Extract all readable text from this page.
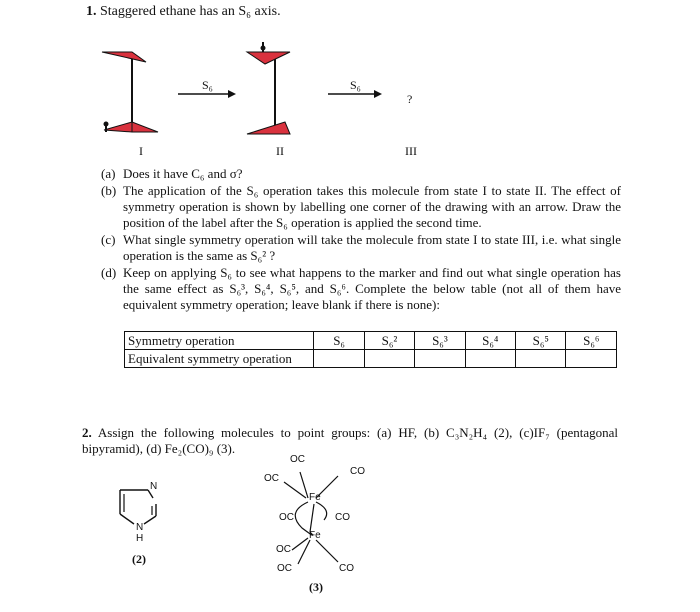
1. Staggered ethane has an S₆ axis.
S₆	S₆
?
I	II	III
(a) Does it have C₆ and σ?
(b) The application of the S₆ operation takes this molecule from state I to state II. The effect of symmetry operation is shown by labelling one corner of the drawing with an arrow. Draw the position of the label after the S₆ operation is applied the second time.
(c) What single symmetry operation will take the molecule from state I to state III, i.e. what single operation is the same as S₆² ?
(d) Keep on applying S₆ to see what happens to the marker and find out what single operation has the same effect as S₆³, S₆⁴, S₆⁵, and S₆⁶. Complete the below table (not all of them have equivalent symmetry operation; leave blank if there is none):
Symmetry operation	S₆	S₆²	S₆³	S₆⁴	S₆⁵	S₆⁶
Equivalent symmetry operation						
2. Assign the following molecules to point groups: (a) HF, (b) C₃N₂H₄ (2), (c)IF₇ (pentagonal bipyramid), (d) Fe₂(CO)₉ (3).
N
N
H
(2)
OC
OC
CO
OC	CO
OC
OC	CO
Fe
Fe
(3)
